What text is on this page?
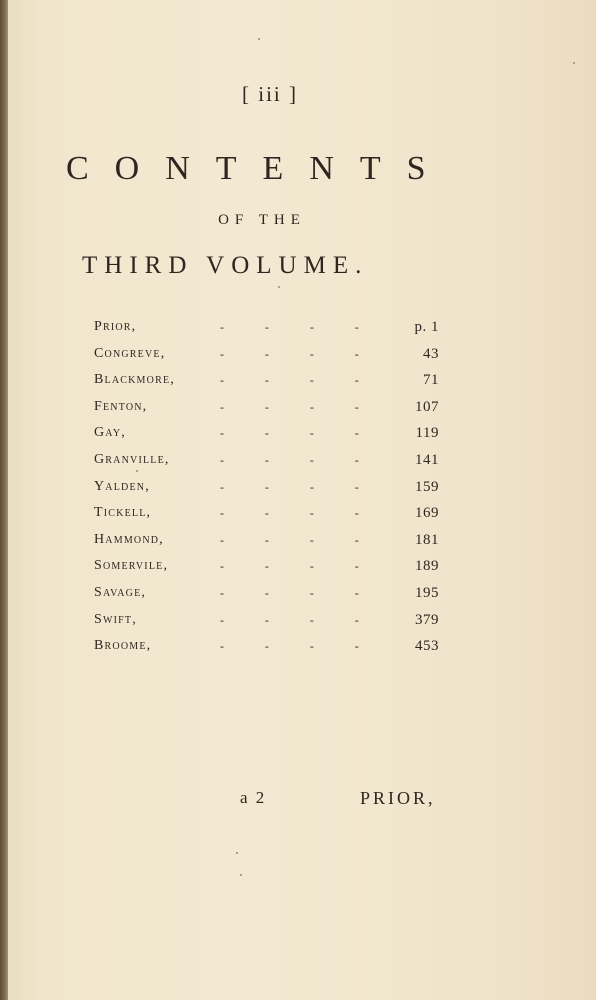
[ iii ]
CONTENTS
OF THE
THIRD VOLUME.
Prior,	-	-	-	-	p. 1
Congreve,	-	-	-	-	43
Blackmore,	-	-	-	-	71
Fenton,	-	-	-	-	107
Gay,	-	-	-	-	119
Granville,	-	-	-	-	141
Yalden,	-	-	-	-	159
Tickell,	-	-	-	-	169
Hammond,	-	-	-	-	181
Somervile,	-	-	-	-	189
Savage,	-	-	-	-	195
Swift,	-	-	-	-	379
Broome,	-	-	-	-	453
a 2	PRIOR,
